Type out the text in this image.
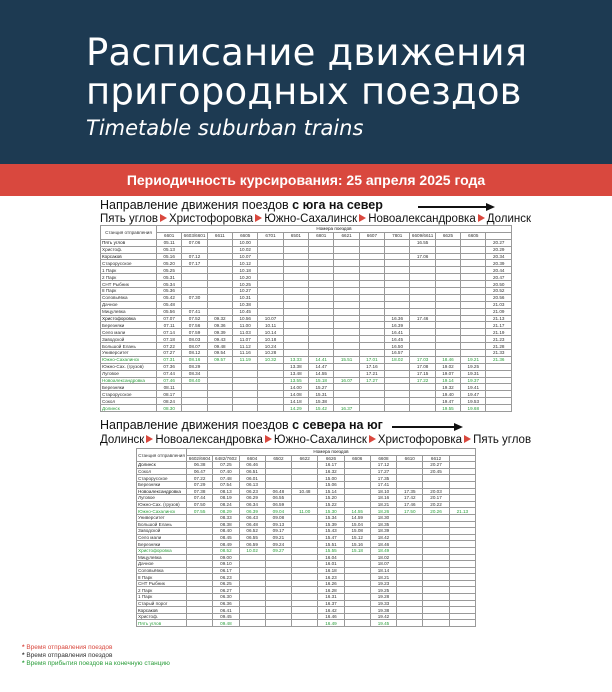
Расписание движения
пригородных поездов
Timetable suburban trains
Периодичность курсирования: 25 апреля 2025 года
Направление движения поездов с юга на север
Пять углов Христофоровка Южно-Сахалинск Новоалександровка Долинск
Станция отправления	Номера поездов													
	6601	6603/6601	6611	6605	6701	6501	6801	6621	6607	7801	6609/6611	6625	6605	
Пять углов	05.11	07.06		10.00							16.55			20.27
Христоф.	05.13			10.02										20.29
Корсаков	05.16	07.12		10.07							17.06			20.34
Старорусское	05.20	07.17		10.12										20.39
1 Парк	05.25			10.18										20.44
2 Парк	05.31			10.20										20.47
СНТ Рыбник	05.34			10.25										20.50
8 Парк	05.36			10.27										20.52
Соловьёвка	05.42	07.30		10.31										20.56
Дачное	05.48			10.38										21.03
Мицулевка	05.56	07.41		10.45										21.09
Христофоровка	07.07	07.52	09.32	10.56	10.07					16.36	17.46			21.13
Березняки	07.11	07.56	09.36	11.00	10.11					16.39				21.17
Село мали	07.14	07.59	09.39	11.03	10.14					16.41				21.19
Заводской	07.18	08.03	09.43	11.07	10.18					16.45				21.23
Большой Елань	07.22	08.07	09.48	11.12	10.24					16.50				21.28
Университет	07.27	08.12	09.54	11.16	10.28					16.57				21.33
Южно-Сахалинск	07.31	08.16	09.57	11.19	10.32	13.33	14.41	15.51	17.01	18.02	17.03	18.46	19.21	21.36
Южно-Сах. (грузов)	07.36	08.29				13.38	14.47		17.16		17.08	19.02	19.25	
Луговое	07.44	08.34				13.48	14.55		17.21		17.15	19.07	19.31	
Новоалександровка	07.46	08.40				13.55	15.18	16.07	17.27		17.22	19.14	19.37	
Березняки	08.11					14.00	15.27					19.32	19.41	
Старорусское	08.17					14.08	15.31					19.40	19.47	
Сокол	08.24					14.18	15.38					19.47	19.53	
Долинск	08.30					14.29	15.42	16.37				19.55	19.68	
Направление движения поездов с севера на юг
Долинск Новоалександровка Южно-Сахалинск Христофоровка Пять углов
Станция отправления	Номера поездов										
	6602/6604	6482/7602	6604	6502	6622	6626	6606	6608	6610	6612	
Долинск	06.38	07.25	06.46			16.17		17.12		20.27	
Сокол	06.47	07.40	06.51			16.32		17.27		20.45	
Старорусское	07.22	07.48	06.01			15.00		17.35			
Березняки	07.29	07.54	06.13			15.06		17.41			
Новоалександровка	07.38	08.13	06.23	06.48	10.48	15.14		18.10	17.35	20.03	
Луговое	07.44	08.19	06.29	06.55		15.20		18.16	17.42	20.17	
Южно-Сах. (грузов)	07.50	08.24	06.34	06.59		15.22		18.21	17.46	20.22	
Южно-Сахалинск	07.55	08.29	06.39	09.04	11.00	15.30	14.55	18.26	17.50	20.26	21.13
Университет		08.33	06.43	09.08		15.34	14.59	18.30			
Большой Елань		08.38	06.48	09.13		15.39	15.04	18.35			
Заводской		08.40	06.52	09.17		15.43	15.08	18.39			
Село мали		08.45	06.55	09.21		15.47	15.12	18.42			
Березняки		08.49	06.59	09.24		15.51	15.16	18.46			
Христофоровка		08.52	10.02	09.27		15.55	15.18	18.49			
Мицулевка		09.00				16.04		18.02			
Дачное		09.10				16.01		18.07			
Соловьёвка		06.17				16.18		18.14			
8 Парк		06.23				16.23		18.21			
СНТ Рыбник		06.25				16.26		19.23			
2 Парк		06.27				16.28		19.25			
1 Парк		06.30				16.31		19.28			
Старый порог		06.36				16.37		19.33			
Корсаков		06.41				16.42		19.38			
Христоф.		09.45				16.46		19.42			
Пять углов		09.48				16.49		19.45			
* Время отправления поездов
* Время отправления поездов
* Время прибытия поездов на конечную станцию
